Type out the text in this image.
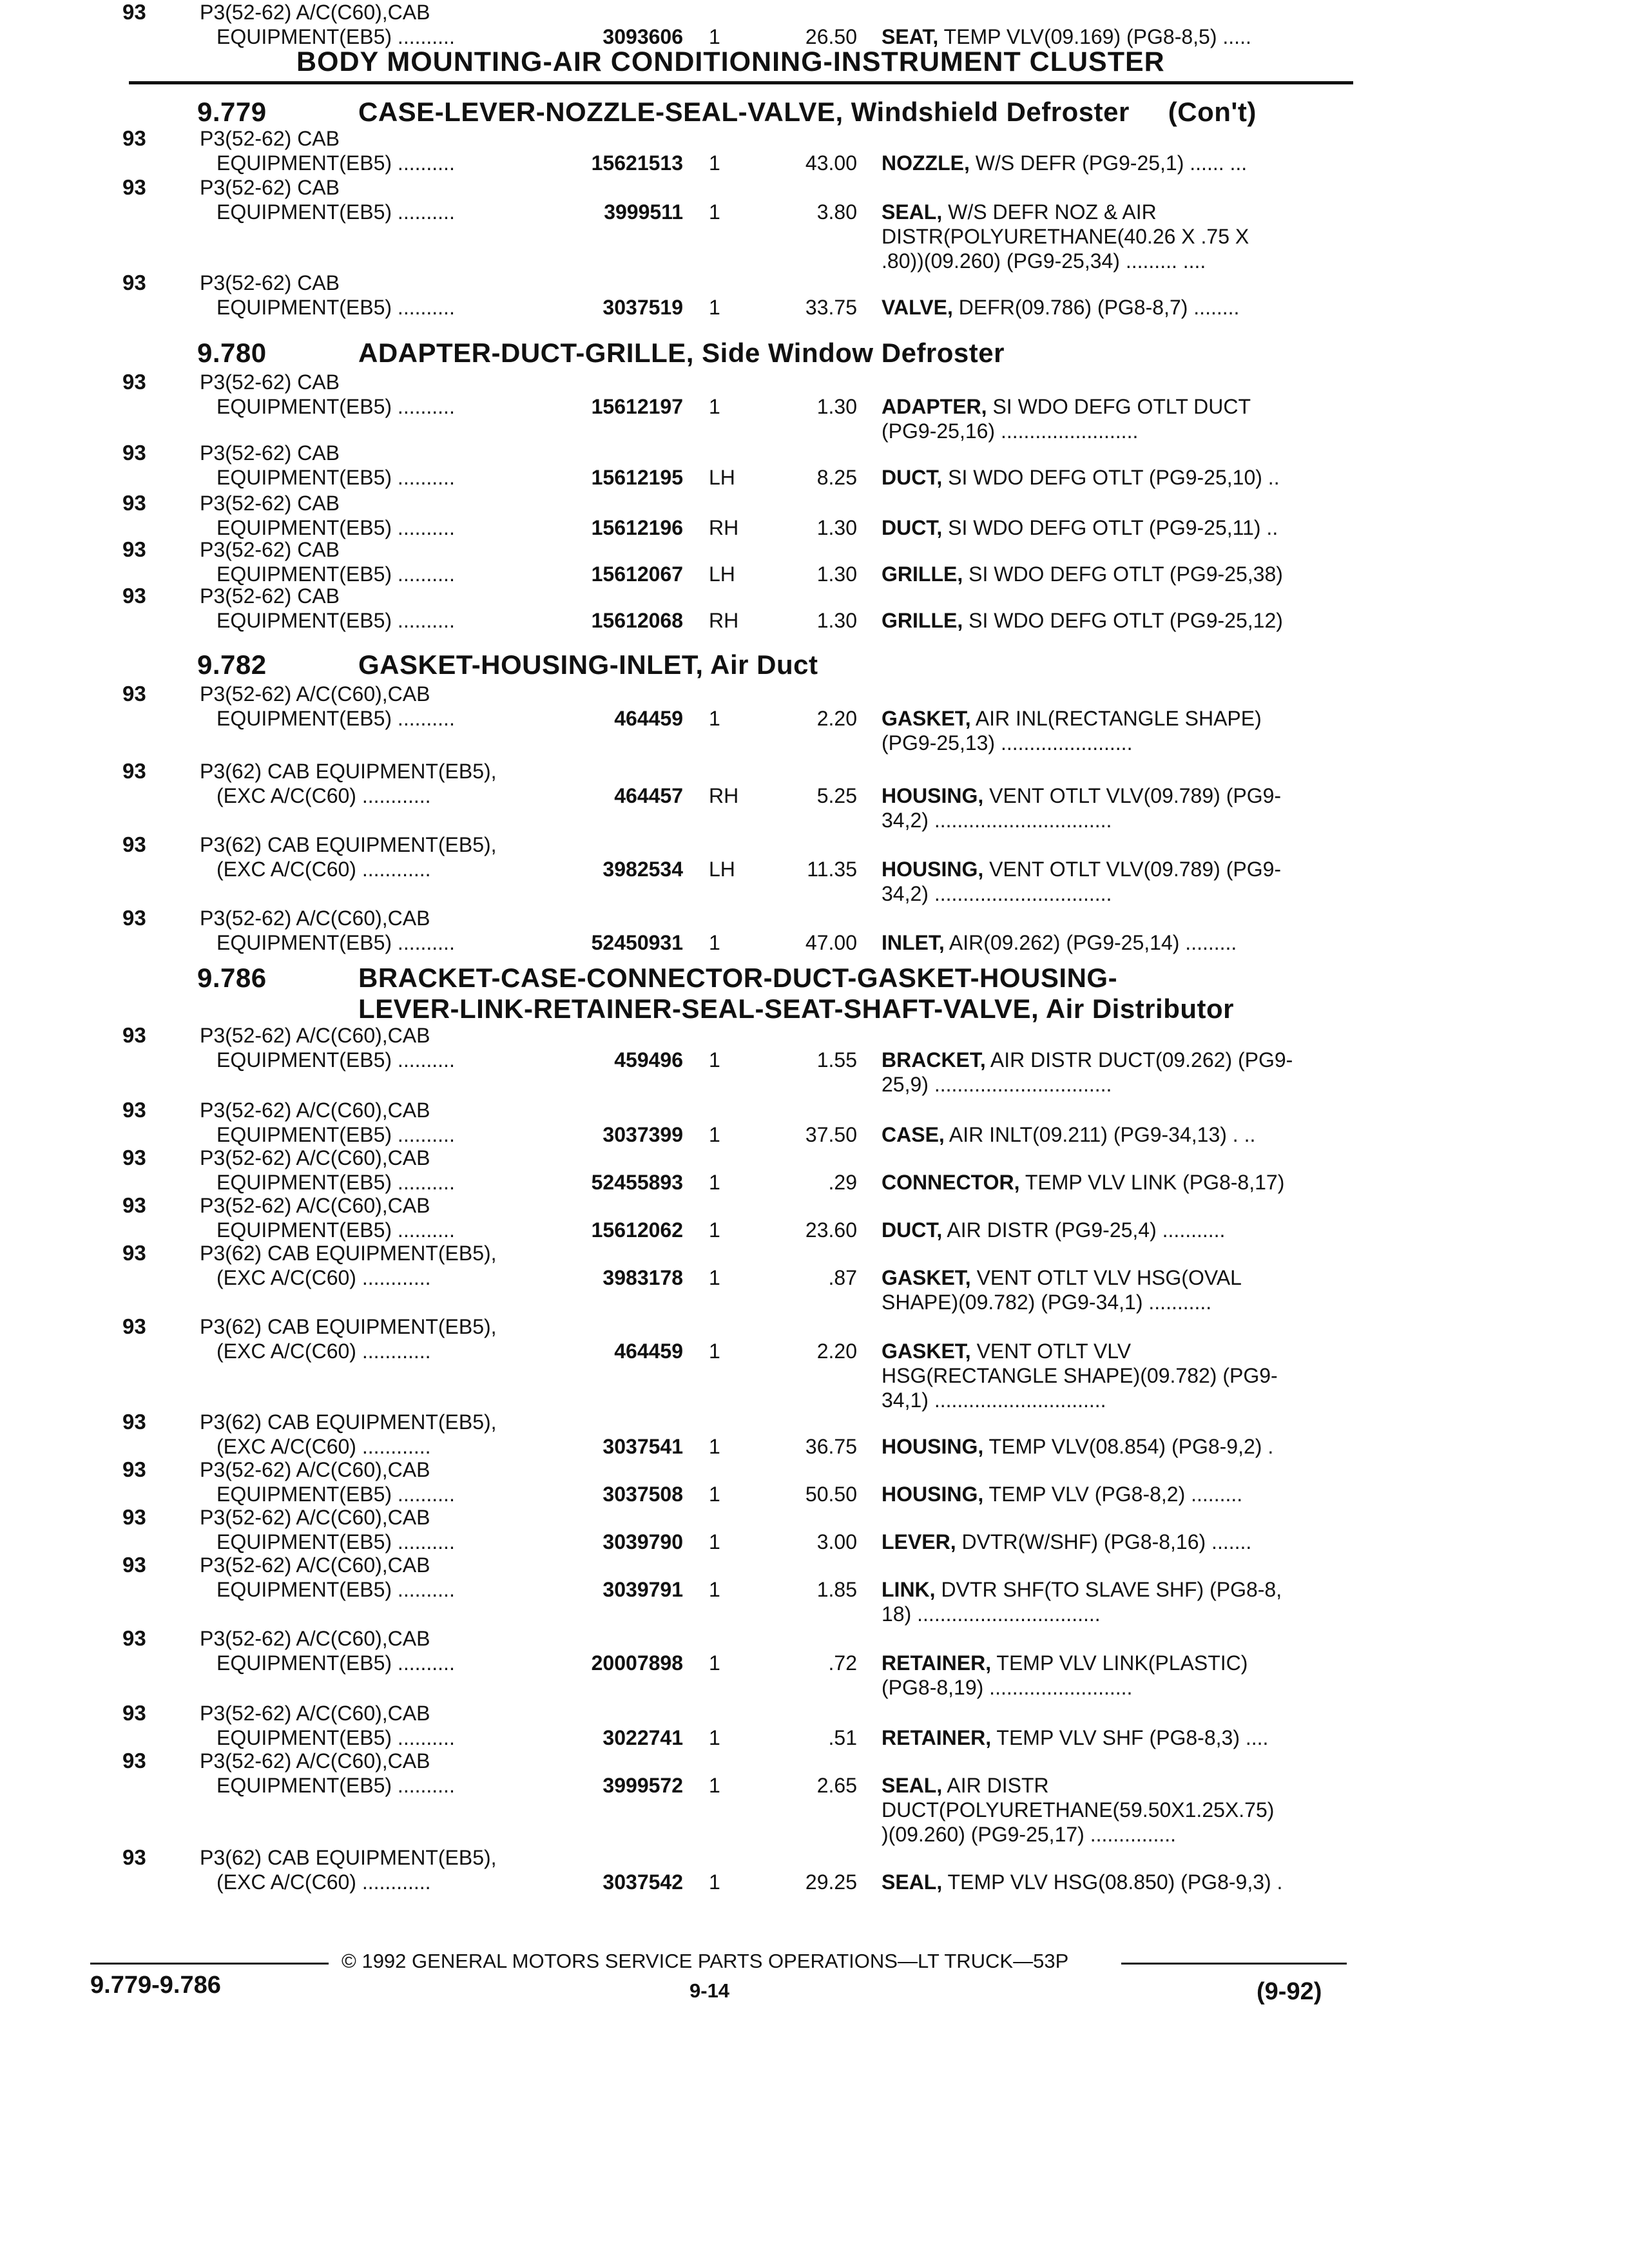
BODY MOUNTING-AIR CONDITIONING-INSTRUMENT CLUSTER
9.779	CASE-LEVER-NOZZLE-SEAL-VALVE, Windshield Defroster (Con't)
93	P3(52-62) CAB
EQUIPMENT(EB5) ..........	15621513 1	43.00 NOZZLE, W/S DEFR (PG9-25,1) ...... ...
93	P3(52-62) CAB
EQUIPMENT(EB5) ..........	3999511 1	3.80 SEAL, W/S DEFR NOZ & AIR
DISTR(POLYURETHANE(40.26 X .75 X
.80))(09.260) (PG9-25,34) ......... ....
93	P3(52-62) CAB
EQUIPMENT(EB5) ..........	3037519 1	33.75 VALVE, DEFR(09.786) (PG8-8,7) ........
9.780	ADAPTER-DUCT-GRILLE, Side Window Defroster
93	P3(52-62) CAB
EQUIPMENT(EB5) ..........	15612197 1	1.30 ADAPTER, SI WDO DEFG OTLT DUCT
(PG9-25,16) ........................
93	P3(52-62) CAB
EQUIPMENT(EB5) ..........	15612195 LH	8.25 DUCT, SI WDO DEFG OTLT (PG9-25,10) ..
93	P3(52-62) CAB
EQUIPMENT(EB5) ..........	15612196 RH	1.30 DUCT, SI WDO DEFG OTLT (PG9-25,11) ..
93	P3(52-62) CAB
EQUIPMENT(EB5) ..........	15612067 LH	1.30 GRILLE, SI WDO DEFG OTLT (PG9-25,38)
93	P3(52-62) CAB
EQUIPMENT(EB5) ..........	15612068 RH	1.30 GRILLE, SI WDO DEFG OTLT (PG9-25,12)
9.782	GASKET-HOUSING-INLET, Air Duct
93	P3(52-62) A/C(C60),CAB
EQUIPMENT(EB5) ..........	464459 1	2.20 GASKET, AIR INL(RECTANGLE SHAPE)
(PG9-25,13) .......................
93	P3(62) CAB EQUIPMENT(EB5),
(EXC A/C(C60) ............	464457 RH	5.25 HOUSING, VENT OTLT VLV(09.789) (PG9-
34,2) ...............................
93	P3(62) CAB EQUIPMENT(EB5),
(EXC A/C(C60) ............	3982534 LH	11.35 HOUSING, VENT OTLT VLV(09.789) (PG9-
34,2) ...............................
93	P3(52-62) A/C(C60),CAB
EQUIPMENT(EB5) ..........	52450931 1	47.00 INLET, AIR(09.262) (PG9-25,14) .........
9.786	BRACKET-CASE-CONNECTOR-DUCT-GASKET-HOUSING-
LEVER-LINK-RETAINER-SEAL-SEAT-SHAFT-VALVE, Air Distributor
93	P3(52-62) A/C(C60),CAB
EQUIPMENT(EB5) ..........	459496 1	1.55 BRACKET, AIR DISTR DUCT(09.262) (PG9-
25,9) ...............................
93	P3(52-62) A/C(C60),CAB
EQUIPMENT(EB5) ..........	3037399 1	37.50 CASE, AIR INLT(09.211) (PG9-34,13) . ..
93	P3(52-62) A/C(C60),CAB
EQUIPMENT(EB5) ..........	52455893 1	.29 CONNECTOR, TEMP VLV LINK (PG8-8,17)
93	P3(52-62) A/C(C60),CAB
EQUIPMENT(EB5) ..........	15612062 1	23.60 DUCT, AIR DISTR (PG9-25,4) ...........
93	P3(62) CAB EQUIPMENT(EB5),
(EXC A/C(C60) ............	3983178 1	.87 GASKET, VENT OTLT VLV HSG(OVAL
SHAPE)(09.782) (PG9-34,1) ...........
93	P3(62) CAB EQUIPMENT(EB5),
(EXC A/C(C60) ............	464459 1	2.20 GASKET, VENT OTLT VLV
HSG(RECTANGLE SHAPE)(09.782) (PG9-
34,1) ..............................
93	P3(62) CAB EQUIPMENT(EB5),
(EXC A/C(C60) ............	3037541 1	36.75 HOUSING, TEMP VLV(08.854) (PG8-9,2) .
93	P3(52-62) A/C(C60),CAB
EQUIPMENT(EB5) ..........	3037508 1	50.50 HOUSING, TEMP VLV (PG8-8,2) .........
93	P3(52-62) A/C(C60),CAB
EQUIPMENT(EB5) ..........	3039790 1	3.00 LEVER, DVTR(W/SHF) (PG8-8,16) .......
93	P3(52-62) A/C(C60),CAB
EQUIPMENT(EB5) ..........	3039791 1	1.85 LINK, DVTR SHF(TO SLAVE SHF) (PG8-8,
18) ................................
93	P3(52-62) A/C(C60),CAB
EQUIPMENT(EB5) ..........	20007898 1	.72 RETAINER, TEMP VLV LINK(PLASTIC)
(PG8-8,19) .........................
93	P3(52-62) A/C(C60),CAB
EQUIPMENT(EB5) ..........	3022741 1	.51 RETAINER, TEMP VLV SHF (PG8-8,3) ....
93	P3(52-62) A/C(C60),CAB
EQUIPMENT(EB5) ..........	3999572 1	2.65 SEAL, AIR DISTR
DUCT(POLYURETHANE(59.50X1.25X.75)
)(09.260) (PG9-25,17) ...............
93	P3(62) CAB EQUIPMENT(EB5),
(EXC A/C(C60) ............	3037542 1	29.25 SEAL, TEMP VLV HSG(08.850) (PG8-9,3) .
93	P3(52-62) A/C(C60),CAB
EQUIPMENT(EB5) ..........	3093606 1	26.50 SEAT, TEMP VLV(09.169) (PG8-8,5) .....
© 1992 GENERAL MOTORS SERVICE PARTS OPERATIONS—LT TRUCK—53P
9.779-9.786	9-14	(9-92)
